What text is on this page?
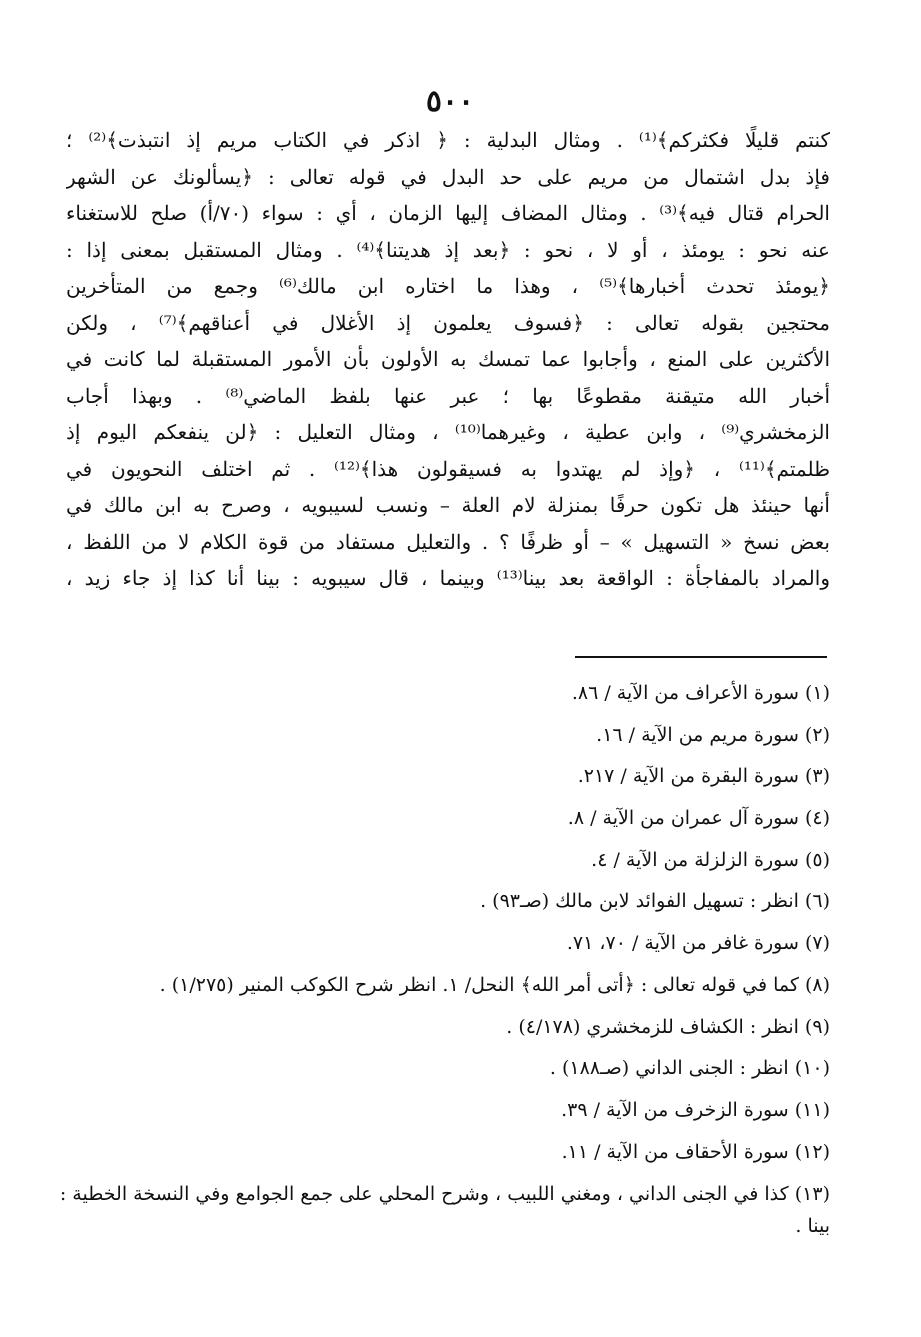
٥٠٠
كنتم قليلًا فكثركم﴾⁽¹⁾ . ومثال البدلية : ﴿ اذكر في الكتاب مريم إذ انتبذت﴾⁽²⁾ ؛
فإذ بدل اشتمال من مريم على حد البدل في قوله تعالى : ﴿يسألونك عن الشهر
الحرام قتال فيه﴾⁽³⁾ . ومثال المضاف إليها الزمان ، أي : سواء (٧٠/أ) صلح للاستغناء
عنه نحو : يومئذ ، أو لا ، نحو : ﴿بعد إذ هديتنا﴾⁽⁴⁾ . ومثال المستقبل بمعنى إذا :
﴿يومئذ تحدث أخبارها﴾⁽⁵⁾ ، وهذا ما اختاره ابن مالك⁽⁶⁾ وجمع من المتأخرين
محتجين بقوله تعالى : ﴿فسوف يعلمون إذ الأغلال في أعناقهم﴾⁽⁷⁾ ، ولكن
الأكثرين على المنع ، وأجابوا عما تمسك به الأولون بأن الأمور المستقبلة لما كانت في
أخبار الله متيقنة مقطوعًا بها ؛ عبر عنها بلفظ الماضي⁽⁸⁾ . وبهذا أجاب
الزمخشري⁽⁹⁾ ، وابن عطية ، وغيرهما⁽¹⁰⁾ ، ومثال التعليل : ﴿لن ينفعكم اليوم إذ
ظلمتم﴾⁽¹¹⁾ ، ﴿وإذ لم يهتدوا به فسيقولون هذا﴾⁽¹²⁾ . ثم اختلف النحويون في
أنها حينئذ هل تكون حرفًا بمنزلة لام العلة – ونسب لسيبويه ، وصرح به ابن مالك في
بعض نسخ « التسهيل » – أو ظرفًا ؟ . والتعليل مستفاد من قوة الكلام لا من اللفظ ،
والمراد بالمفاجأة : الواقعة بعد بينا⁽¹³⁾ وبينما ، قال سيبويه : بينا أنا كذا إذ جاء زيد ،
(١) سورة الأعراف من الآية / ٨٦.
(٢) سورة مريم من الآية / ١٦.
(٣) سورة البقرة من الآية / ٢١٧.
(٤) سورة آل عمران من الآية / ٨.
(٥) سورة الزلزلة من الآية / ٤.
(٦) انظر : تسهيل الفوائد لابن مالك (صـ٩٣) .
(٧) سورة غافر من الآية / ٧٠، ٧١.
(٨) كما في قوله تعالى : ﴿أتى أمر الله﴾ النحل/ ١. انظر شرح الكوكب المنير (١/٢٧٥) .
(٩) انظر : الكشاف للزمخشري (٤/١٧٨) .
(١٠) انظر : الجنى الداني (صـ١٨٨) .
(١١) سورة الزخرف من الآية / ٣٩.
(١٢) سورة الأحقاف من الآية / ١١.
(١٣) كذا في الجنى الداني ، ومغني اللبيب ، وشرح المحلي على جمع الجوامع وفي النسخة الخطية : بينا .
